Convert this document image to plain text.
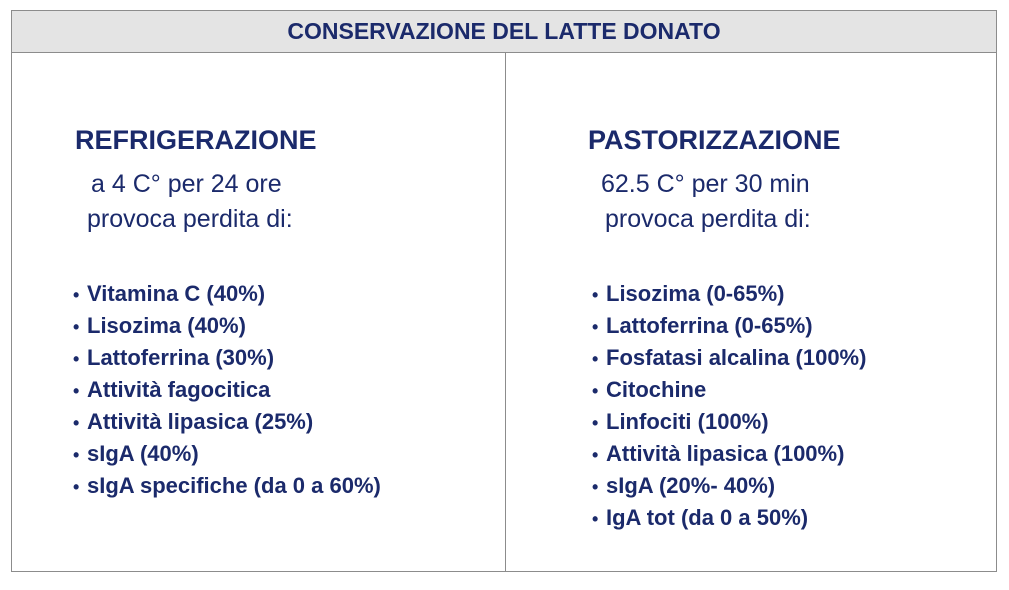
CONSERVAZIONE DEL LATTE DONATO
REFRIGERAZIONE
a 4 C° per 24 ore
provoca perdita di:
• Vitamina C (40%)
• Lisozima (40%)
• Lattoferrina (30%)
• Attività fagocitica
• Attività lipasica (25%)
• sIgA (40%)
• sIgA specifiche (da 0 a 60%)
PASTORIZZAZIONE
62.5 C° per 30 min
provoca perdita di:
• Lisozima (0-65%)
• Lattoferrina (0-65%)
• Fosfatasi alcalina (100%)
• Citochine
• Linfociti (100%)
• Attività lipasica (100%)
• sIgA (20%- 40%)
• IgA tot (da 0 a 50%)
